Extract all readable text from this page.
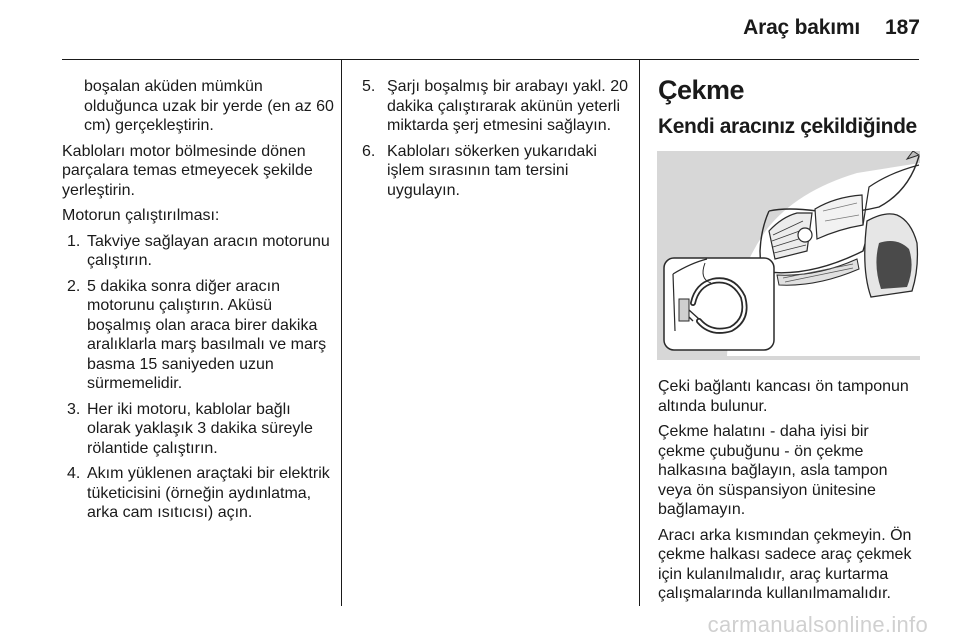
Araç bakımı	187

boşalan aküden mümkün olduğunca uzak bir yerde (en az 60 cm) gerçekleştirin.

Kabloları motor bölmesinde dönen parçalara temas etmeyecek şekilde yerleştirin.

Motorun çalıştırılması:

1. Takviye sağlayan aracın motorunu çalıştırın.
2. 5 dakika sonra diğer aracın motorunu çalıştırın. Aküsü boşalmış olan araca birer dakika aralıklarla marş basılmalı ve marş basma 15 saniyeden uzun sürmemelidir.
3. Her iki motoru, kablolar bağlı olarak yaklaşık 3 dakika süreyle rölantide çalıştırın.
4. Akım yüklenen araçtaki bir elektrik tüketicisini (örneğin aydınlatma, arka cam ısıtıcısı) açın.
5. Şarjı boşalmış bir arabayı yakl. 20 dakika çalıştırarak akünün yeterli miktarda şerj etmesini sağlayın.
6. Kabloları sökerken yukarıdaki işlem sırasının tam tersini uygulayın.
Çekme
Kendi aracınız çekildiğinde

Çeki bağlantı kancası ön tamponun altında bulunur.

Çekme halatını - daha iyisi bir çekme çubuğunu - ön çekme halkasına bağlayın, asla tampon veya ön süspansiyon ünitesine bağlamayın.

Aracı arka kısmından çekmeyin. Ön çekme halkası sadece araç çekmek için kulanılmalıdır, araç kurtarma çalışmalarında kullanılmamalıdır.

carmanualsonline.info
